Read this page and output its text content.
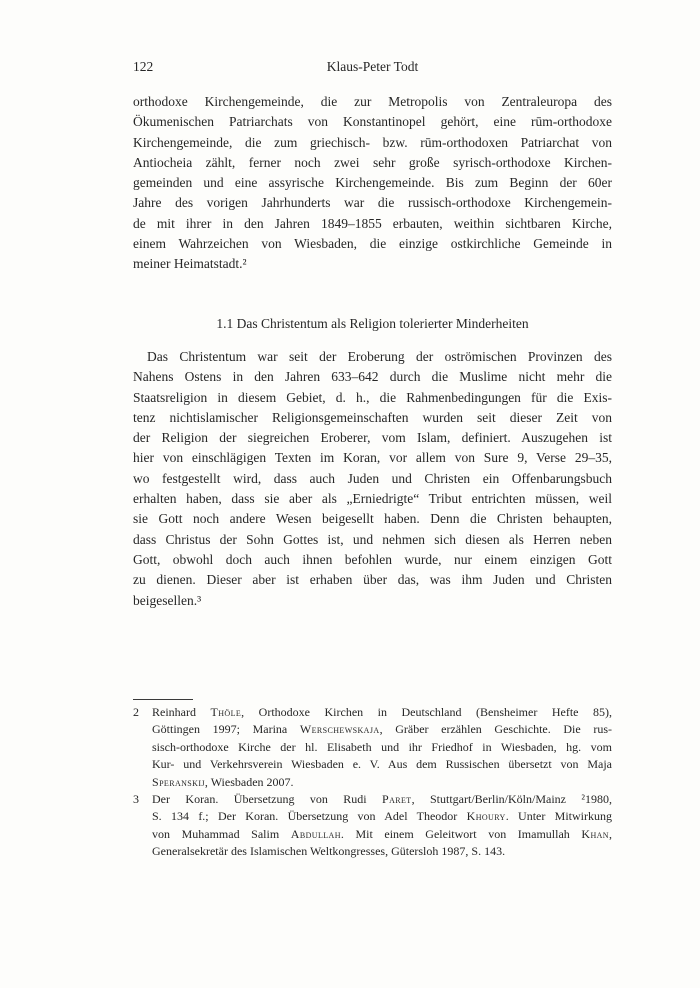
122	Klaus-Peter Todt
orthodoxe Kirchengemeinde, die zur Metropolis von Zentraleuropa des
Ökumenischen Patriarchats von Konstantinopel gehört, eine rūm-orthodoxe
Kirchengemeinde, die zum griechisch- bzw. rūm-orthodoxen Patriarchat von
Antiocheia zählt, ferner noch zwei sehr große syrisch-orthodoxe Kirchen-
gemeinden und eine assyrische Kirchengemeinde. Bis zum Beginn der 60er
Jahre des vorigen Jahrhunderts war die russisch-orthodoxe Kirchengemein-
de mit ihrer in den Jahren 1849–1855 erbauten, weithin sichtbaren Kirche,
einem Wahrzeichen von Wiesbaden, die einzige ostkirchliche Gemeinde in
meiner Heimatstadt.²
1.1 Das Christentum als Religion tolerierter Minderheiten
Das Christentum war seit der Eroberung der oströmischen Provinzen des
Nahens Ostens in den Jahren 633–642 durch die Muslime nicht mehr die
Staatsreligion in diesem Gebiet, d. h., die Rahmenbedingungen für die Exis-
tenz nichtislamischer Religionsgemeinschaften wurden seit dieser Zeit von
der Religion der siegreichen Eroberer, vom Islam, definiert. Auszugehen ist
hier von einschlägigen Texten im Koran, vor allem von Sure 9, Verse 29–35,
wo festgestellt wird, dass auch Juden und Christen ein Offenbarungsbuch
erhalten haben, dass sie aber als „Erniedrigte“ Tribut entrichten müssen, weil
sie Gott noch andere Wesen beigesellt haben. Denn die Christen behaupten,
dass Christus der Sohn Gottes ist, und nehmen sich diesen als Herren neben
Gott, obwohl doch auch ihnen befohlen wurde, nur einem einzigen Gott
zu dienen. Dieser aber ist erhaben über das, was ihm Juden und Christen
beigesellen.³
2 Reinhard Thöle, Orthodoxe Kirchen in Deutschland (Bensheimer Hefte 85),
Göttingen 1997; Marina Werschewskaja, Gräber erzählen Geschichte. Die rus-
sisch-orthodoxe Kirche der hl. Elisabeth und ihr Friedhof in Wiesbaden, hg. vom
Kur- und Verkehrsverein Wiesbaden e. V. Aus dem Russischen übersetzt von Maja
Speranskij, Wiesbaden 2007.
3 Der Koran. Übersetzung von Rudi Paret, Stuttgart/Berlin/Köln/Mainz ²1980,
S. 134 f.; Der Koran. Übersetzung von Adel Theodor Khoury. Unter Mitwirkung
von Muhammad Salim Abdullah. Mit einem Geleitwort von Imamullah Khan,
Generalsekretär des Islamischen Weltkongresses, Gütersloh 1987, S. 143.
